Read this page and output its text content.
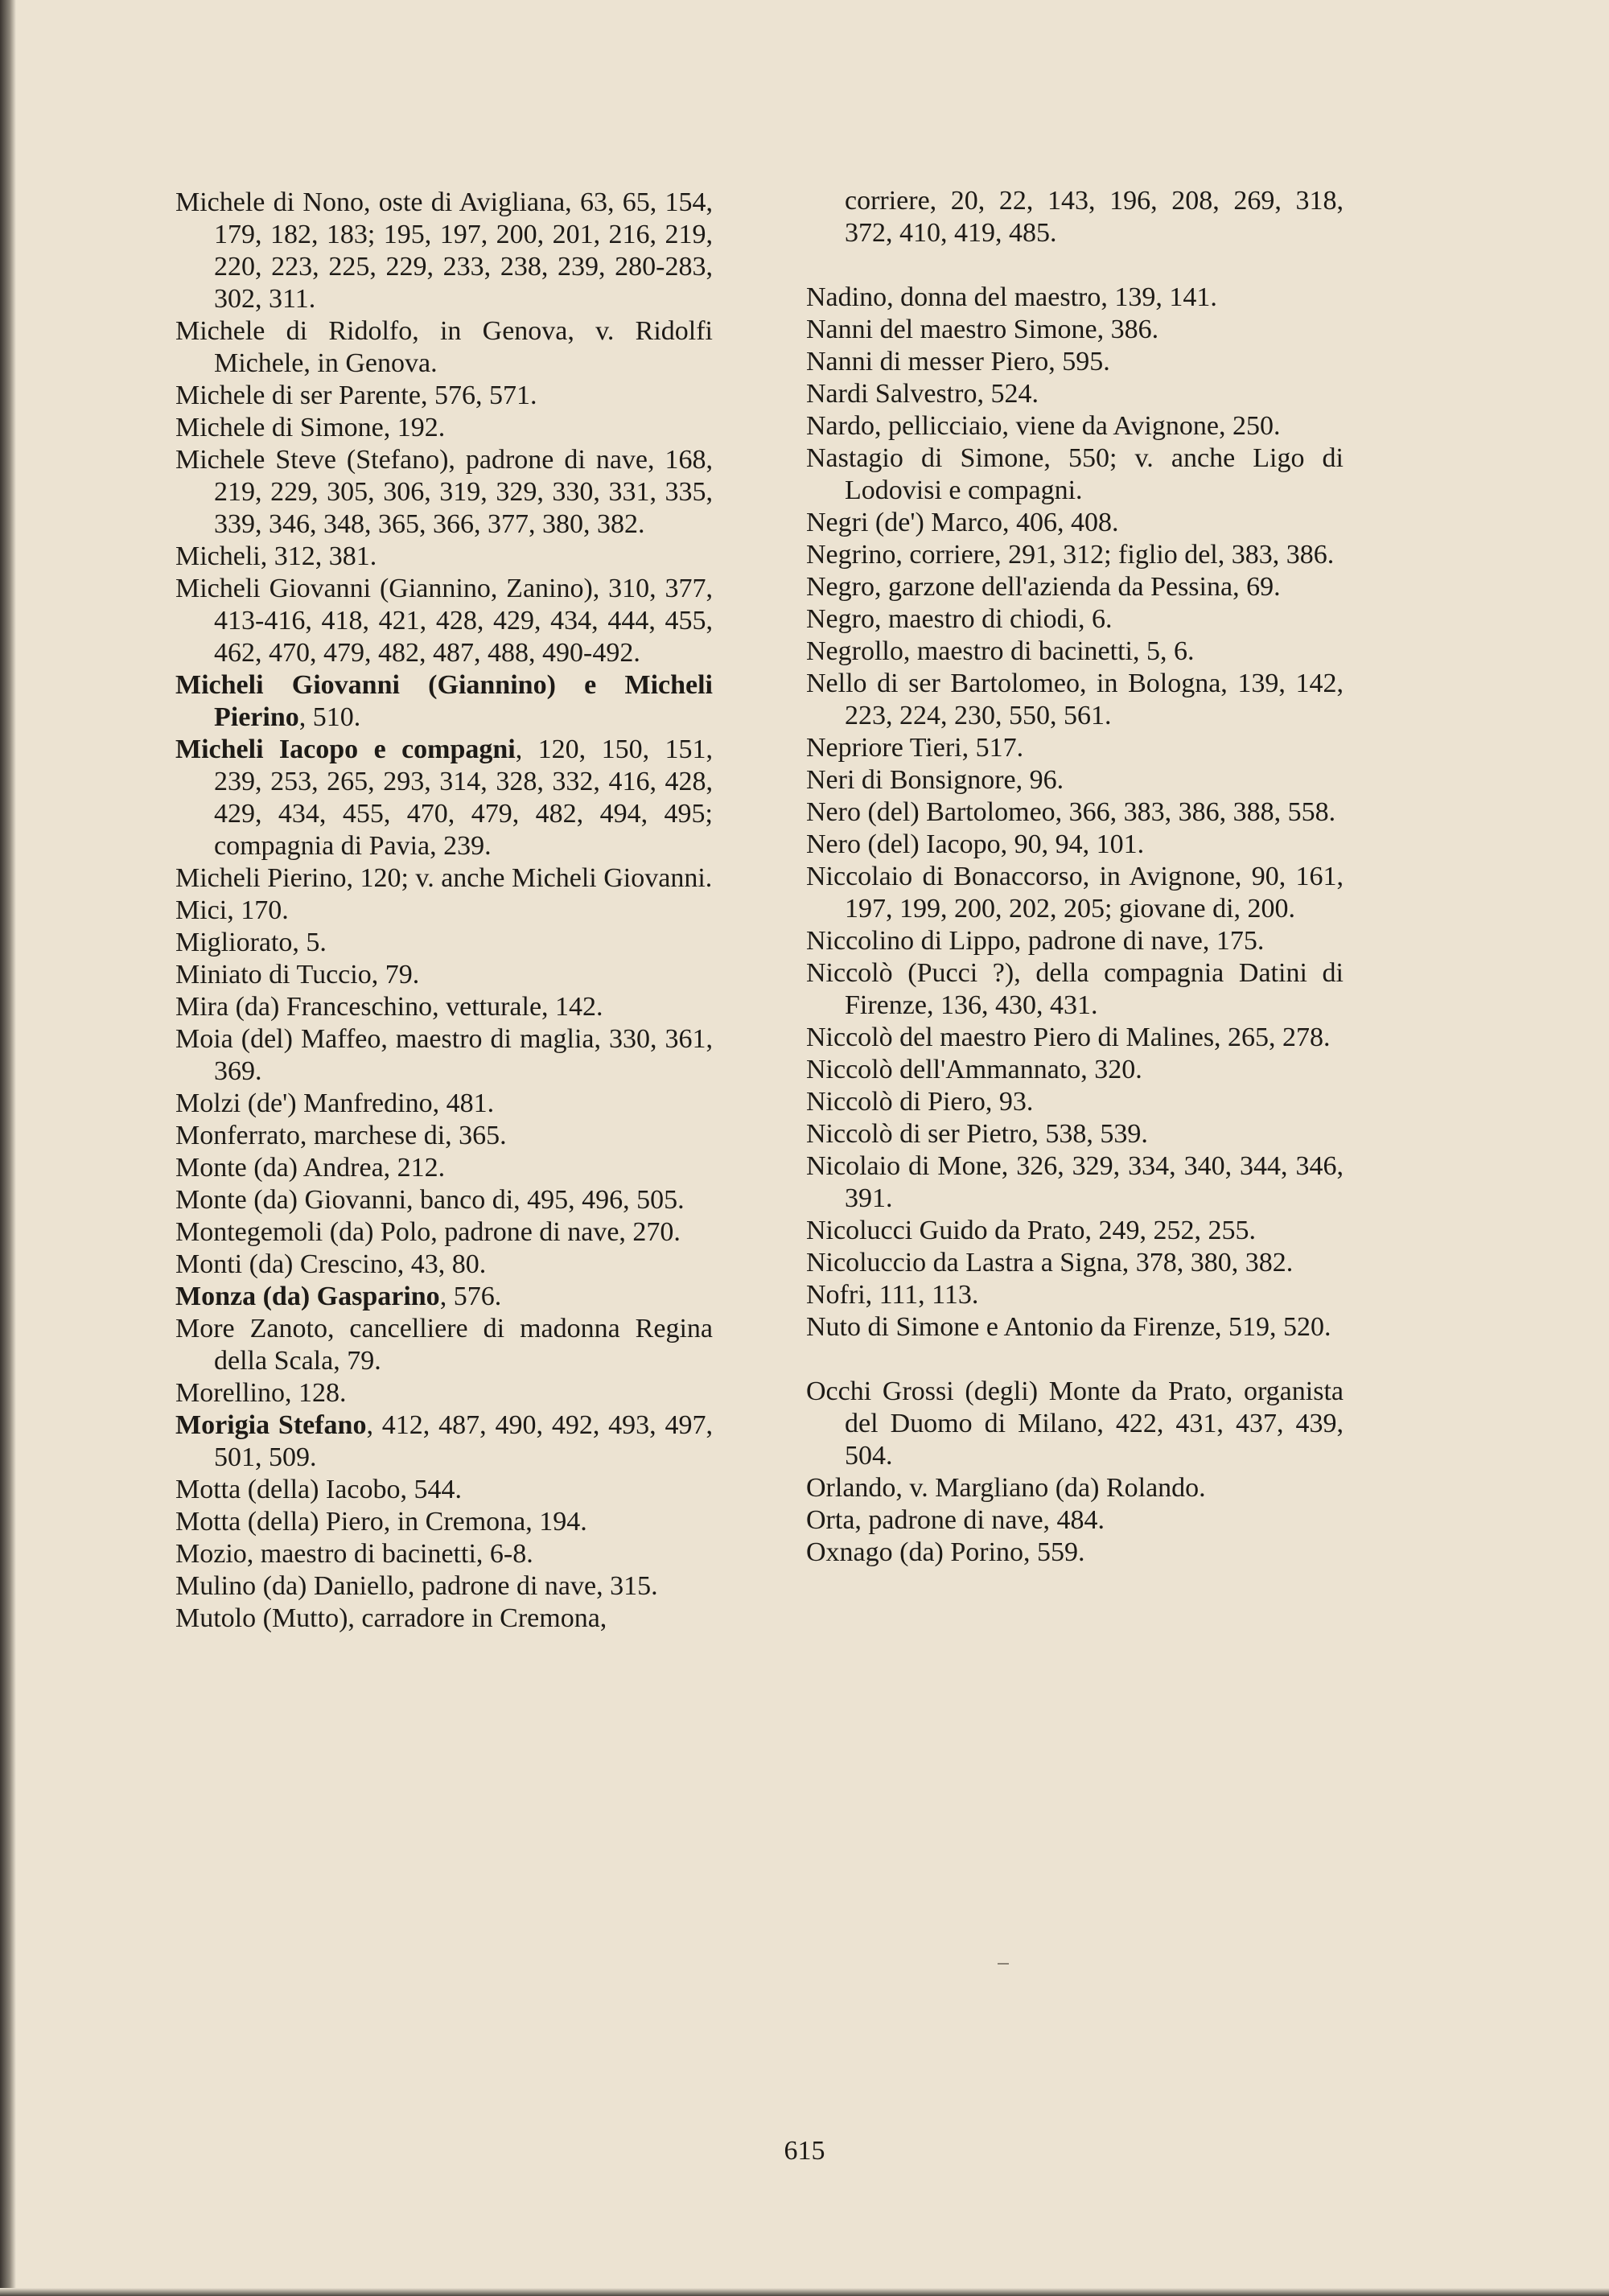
Michele di Nono, oste di Avigliana, 63, 65, 154, 179, 182, 183; 195, 197, 200, 201, 216, 219, 220, 223, 225, 229, 233, 238, 239, 280-283, 302, 311.
Michele di Ridolfo, in Genova, v. Ridolfi Michele, in Genova.
Michele di ser Parente, 576, 571.
Michele di Simone, 192.
Michele Steve (Stefano), padrone di nave, 168, 219, 229, 305, 306, 319, 329, 330, 331, 335, 339, 346, 348, 365, 366, 377, 380, 382.
Micheli, 312, 381.
Micheli Giovanni (Giannino, Zanino), 310, 377, 413-416, 418, 421, 428, 429, 434, 444, 455, 462, 470, 479, 482, 487, 488, 490-492.
Micheli Giovanni (Giannino) e Micheli Pierino, 510.
Micheli Iacopo e compagni, 120, 150, 151, 239, 253, 265, 293, 314, 328, 332, 416, 428, 429, 434, 455, 470, 479, 482, 494, 495; compagnia di Pavia, 239.
Micheli Pierino, 120; v. anche Micheli Giovanni.
Mici, 170.
Migliorato, 5.
Miniato di Tuccio, 79.
Mira (da) Franceschino, vetturale, 142.
Moia (del) Maffeo, maestro di maglia, 330, 361, 369.
Molzi (de') Manfredino, 481.
Monferrato, marchese di, 365.
Monte (da) Andrea, 212.
Monte (da) Giovanni, banco di, 495, 496, 505.
Montegemoli (da) Polo, padrone di nave, 270.
Monti (da) Crescino, 43, 80.
Monza (da) Gasparino, 576.
More Zanoto, cancelliere di madonna Regina della Scala, 79.
Morellino, 128.
Morigia Stefano, 412, 487, 490, 492, 493, 497, 501, 509.
Motta (della) Iacobo, 544.
Motta (della) Piero, in Cremona, 194.
Mozio, maestro di bacinetti, 6-8.
Mulino (da) Daniello, padrone di nave, 315.
Mutolo (Mutto), carradore in Cremona,
corriere, 20, 22, 143, 196, 208, 269, 318, 372, 410, 419, 485.
Nadino, donna del maestro, 139, 141.
Nanni del maestro Simone, 386.
Nanni di messer Piero, 595.
Nardi Salvestro, 524.
Nardo, pellicciaio, viene da Avignone, 250.
Nastagio di Simone, 550; v. anche Ligo di Lodovisi e compagni.
Negri (de') Marco, 406, 408.
Negrino, corriere, 291, 312; figlio del, 383, 386.
Negro, garzone dell'azienda da Pessina, 69.
Negro, maestro di chiodi, 6.
Negrollo, maestro di bacinetti, 5, 6.
Nello di ser Bartolomeo, in Bologna, 139, 142, 223, 224, 230, 550, 561.
Nepriore Tieri, 517.
Neri di Bonsignore, 96.
Nero (del) Bartolomeo, 366, 383, 386, 388, 558.
Nero (del) Iacopo, 90, 94, 101.
Niccolaio di Bonaccorso, in Avignone, 90, 161, 197, 199, 200, 202, 205; giovane di, 200.
Niccolino di Lippo, padrone di nave, 175.
Niccolò (Pucci ?), della compagnia Datini di Firenze, 136, 430, 431.
Niccolò del maestro Piero di Malines, 265, 278.
Niccolò dell'Ammannato, 320.
Niccolò di Piero, 93.
Niccolò di ser Pietro, 538, 539.
Nicolaio di Mone, 326, 329, 334, 340, 344, 346, 391.
Nicolucci Guido da Prato, 249, 252, 255.
Nicoluccio da Lastra a Signa, 378, 380, 382.
Nofri, 111, 113.
Nuto di Simone e Antonio da Firenze, 519, 520.
Occhi Grossi (degli) Monte da Prato, organista del Duomo di Milano, 422, 431, 437, 439, 504.
Orlando, v. Margliano (da) Rolando.
Orta, padrone di nave, 484.
Oxnago (da) Porino, 559.
615
